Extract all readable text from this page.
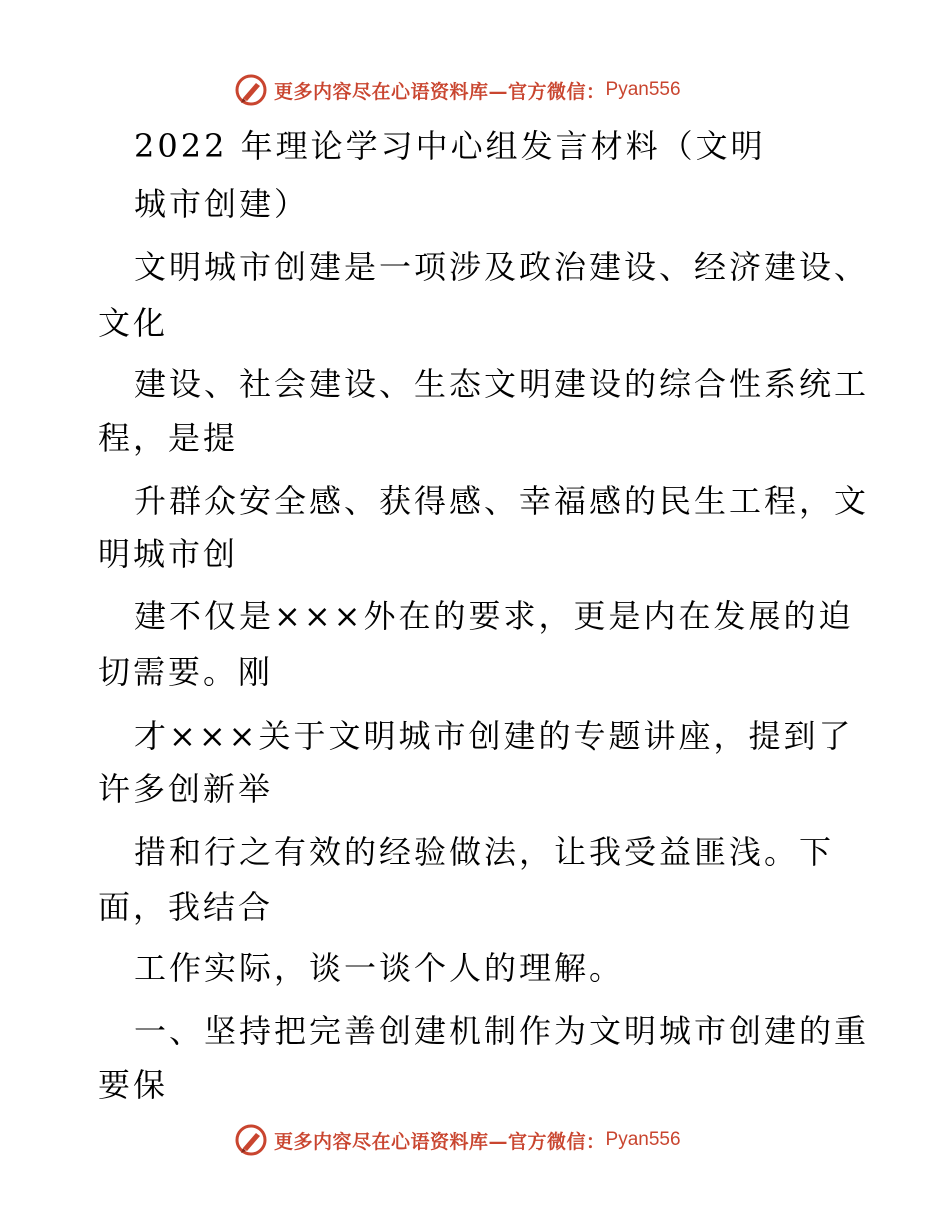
更多内容尽在心语资料库—官方微信： Pyan556
2022 年理论学习中心组发言材料（文明
城市创建）
文明城市创建是一项涉及政治建设、经济建设、
文化
建设、社会建设、生态文明建设的综合性系统工
程，是提
升群众安全感、获得感、幸福感的民生工程，文
明城市创
建不仅是×××外在的要求，更是内在发展的迫
切需要。刚
才×××关于文明城市创建的专题讲座，提到了
许多创新举
措和行之有效的经验做法，让我受益匪浅。下
面，我结合
工作实际，谈一谈个人的理解。
一、坚持把完善创建机制作为文明城市创建的重
要保
更多内容尽在心语资料库—官方微信： Pyan556
